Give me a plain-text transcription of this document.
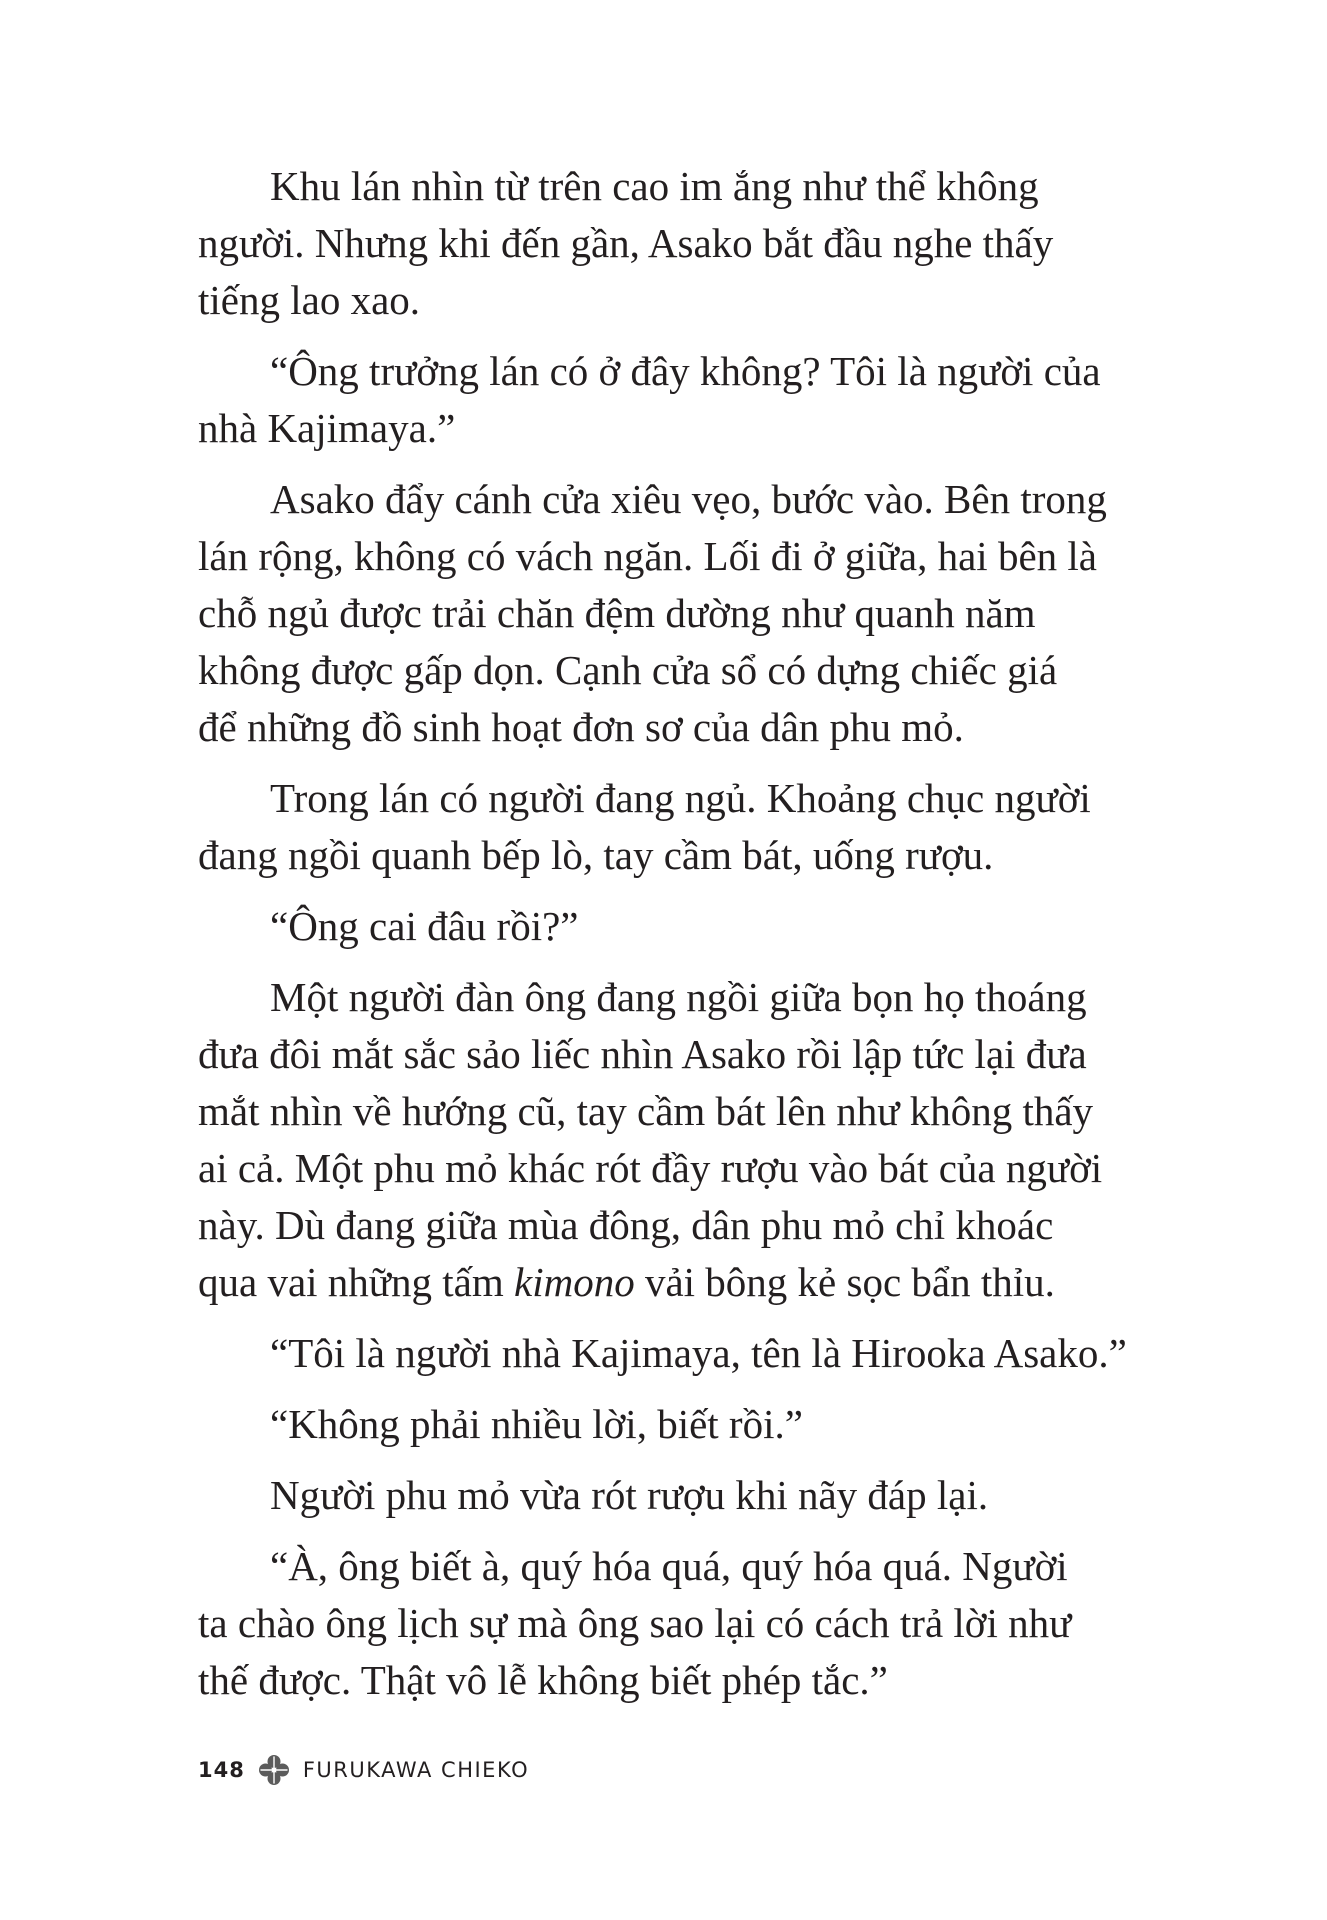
Khu lán nhìn từ trên cao im ắng như thể không
người. Nhưng khi đến gần, Asako bắt đầu nghe thấy
tiếng lao xao.

“Ông trưởng lán có ở đây không? Tôi là người của
nhà Kajimaya.”

Asako đẩy cánh cửa xiêu vẹo, bước vào. Bên trong
lán rộng, không có vách ngăn. Lối đi ở giữa, hai bên là
chỗ ngủ được trải chăn đệm dường như quanh năm
không được gấp dọn. Cạnh cửa sổ có dựng chiếc giá
để những đồ sinh hoạt đơn sơ của dân phu mỏ.

Trong lán có người đang ngủ. Khoảng chục người
đang ngồi quanh bếp lò, tay cầm bát, uống rượu.

“Ông cai đâu rồi?”

Một người đàn ông đang ngồi giữa bọn họ thoáng
đưa đôi mắt sắc sảo liếc nhìn Asako rồi lập tức lại đưa
mắt nhìn về hướng cũ, tay cầm bát lên như không thấy
ai cả. Một phu mỏ khác rót đầy rượu vào bát của người
này. Dù đang giữa mùa đông, dân phu mỏ chỉ khoác
qua vai những tấm kimono vải bông kẻ sọc bẩn thỉu.

“Tôi là người nhà Kajimaya, tên là Hirooka Asako.”

“Không phải nhiều lời, biết rồi.”

Người phu mỏ vừa rót rượu khi nãy đáp lại.

“À, ông biết à, quý hóa quá, quý hóa quá. Người
ta chào ông lịch sự mà ông sao lại có cách trả lời như
thế được. Thật vô lễ không biết phép tắc.”

148	FURUKAWA CHIEKO
